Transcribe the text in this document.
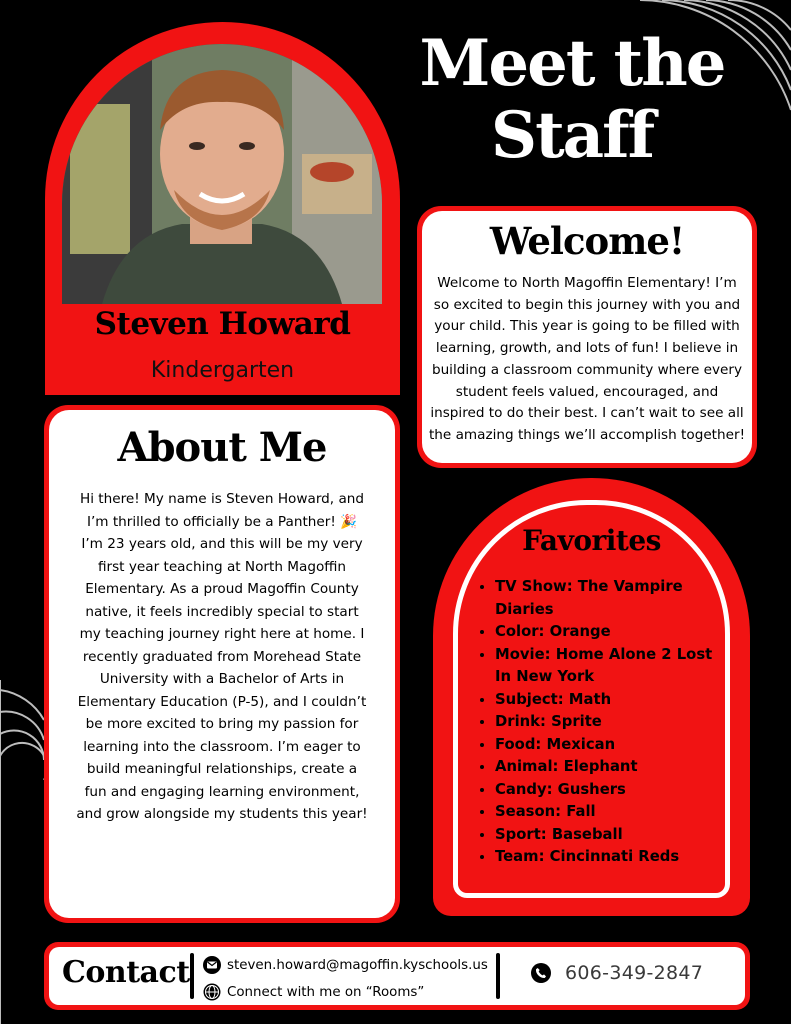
Meet the
Staff
Steven Howard
Kindergarten
Welcome!

Welcome to North Magoffin Elementary! I’m so excited to begin this journey with you and your child. This year is going to be filled with learning, growth, and lots of fun! I believe in building a classroom community where every student feels valued, encouraged, and inspired to do their best. I can’t wait to see all the amazing things we’ll accomplish together!

About Me

Hi there! My name is Steven Howard, and I’m thrilled to officially be a Panther! 🎉 I’m 23 years old, and this will be my very first year teaching at North Magoffin Elementary. As a proud Magoffin County native, it feels incredibly special to start my teaching journey right here at home. I recently graduated from Morehead State University with a Bachelor of Arts in Elementary Education (P-5), and I couldn’t be more excited to bring my passion for learning into the classroom. I’m eager to build meaningful relationships, create a fun and engaging learning environment, and grow alongside my students this year!

Favorites
• TV Show: The Vampire Diaries
• Color: Orange
• Movie: Home Alone 2 Lost In New York
• Subject: Math
• Drink: Sprite
• Food: Mexican
• Animal: Elephant
• Candy: Gushers
• Season: Fall
• Sport: Baseball
• Team: Cincinnati Reds
Contact	steven.howard@magoffin.kyschools.us
Connect with me on “Rooms”
606-349-2847
